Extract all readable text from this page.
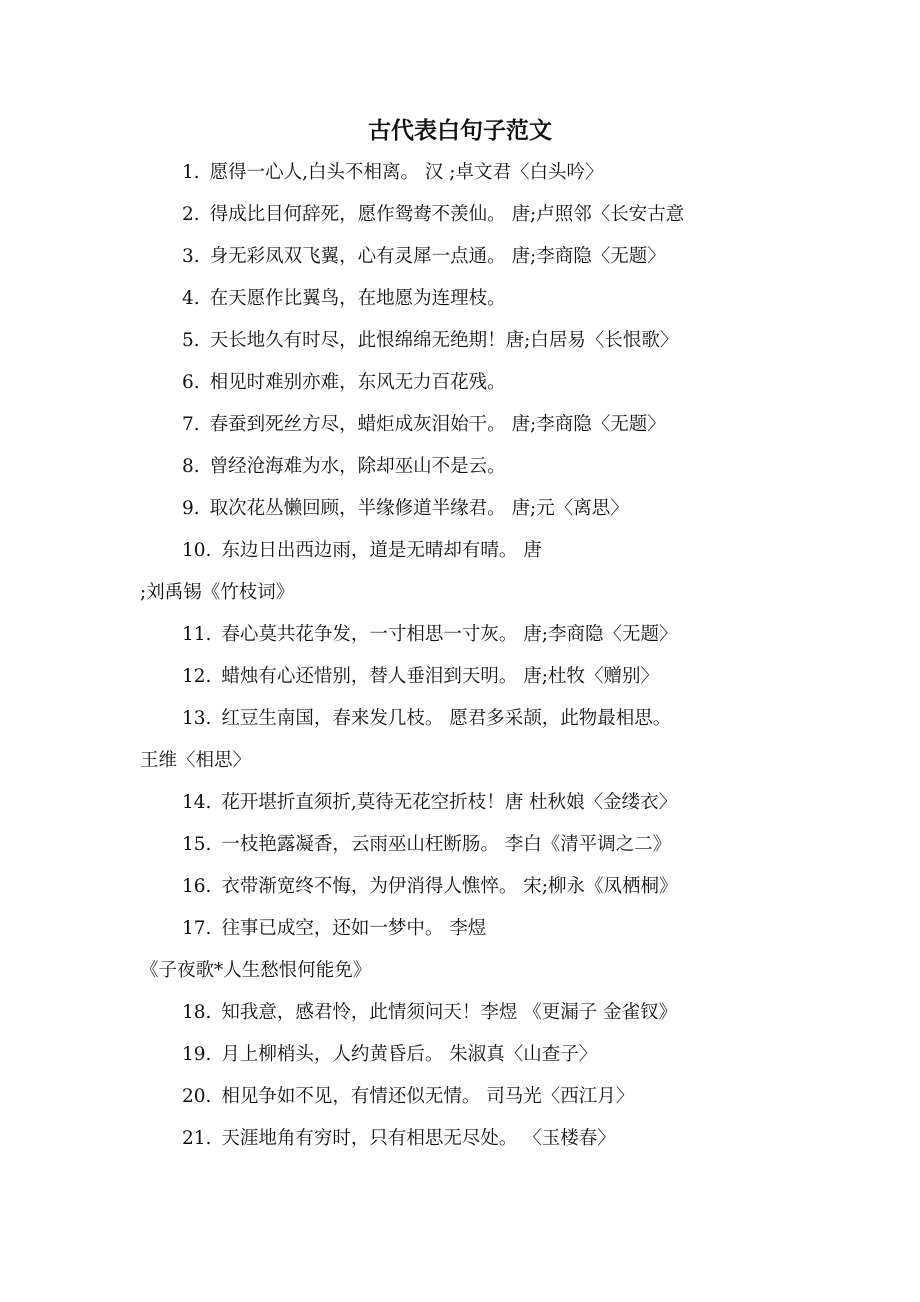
古代表白句子范文
1. 愿得一心人,白头不相离。 汉 ;卓文君〈白头吟〉
2. 得成比目何辞死，愿作鸳鸯不羡仙。 唐;卢照邻〈长安古意
3. 身无彩凤双飞翼，心有灵犀一点通。 唐;李商隐〈无题〉
4. 在天愿作比翼鸟，在地愿为连理枝。
5. 天长地久有时尽，此恨绵绵无绝期！唐;白居易〈长恨歌〉
6. 相见时难别亦难，东风无力百花残。
7. 春蚕到死丝方尽，蜡炬成灰泪始干。 唐;李商隐〈无题〉
8. 曾经沧海难为水，除却巫山不是云。
9. 取次花丛懒回顾，半缘修道半缘君。 唐;元〈离思〉
10. 东边日出西边雨，道是无晴却有晴。 唐
;刘禹锡《竹枝词》
11. 春心莫共花争发，一寸相思一寸灰。 唐;李商隐〈无题〉
12. 蜡烛有心还惜别，替人垂泪到天明。 唐;杜牧〈赠别〉
13. 红豆生南国，春来发几枝。 愿君多采颉，此物最相思。
王维〈相思〉
14. 花开堪折直须折,莫待无花空折枝！唐 杜秋娘〈金缕衣〉
15. 一枝艳露凝香，云雨巫山枉断肠。 李白《清平调之二》
16. 衣带渐宽终不悔，为伊消得人憔悴。 宋;柳永《凤栖桐》
17. 往事已成空，还如一梦中。 李煜
《子夜歌*人生愁恨何能免》
18. 知我意，感君怜，此情须问天！李煜 《更漏子 金雀钗》
19. 月上柳梢头，人约黄昏后。 朱淑真〈山查子〉
20. 相见争如不见，有情还似无情。 司马光〈西江月〉
21. 天涯地角有穷时，只有相思无尽处。 〈玉楼春〉
